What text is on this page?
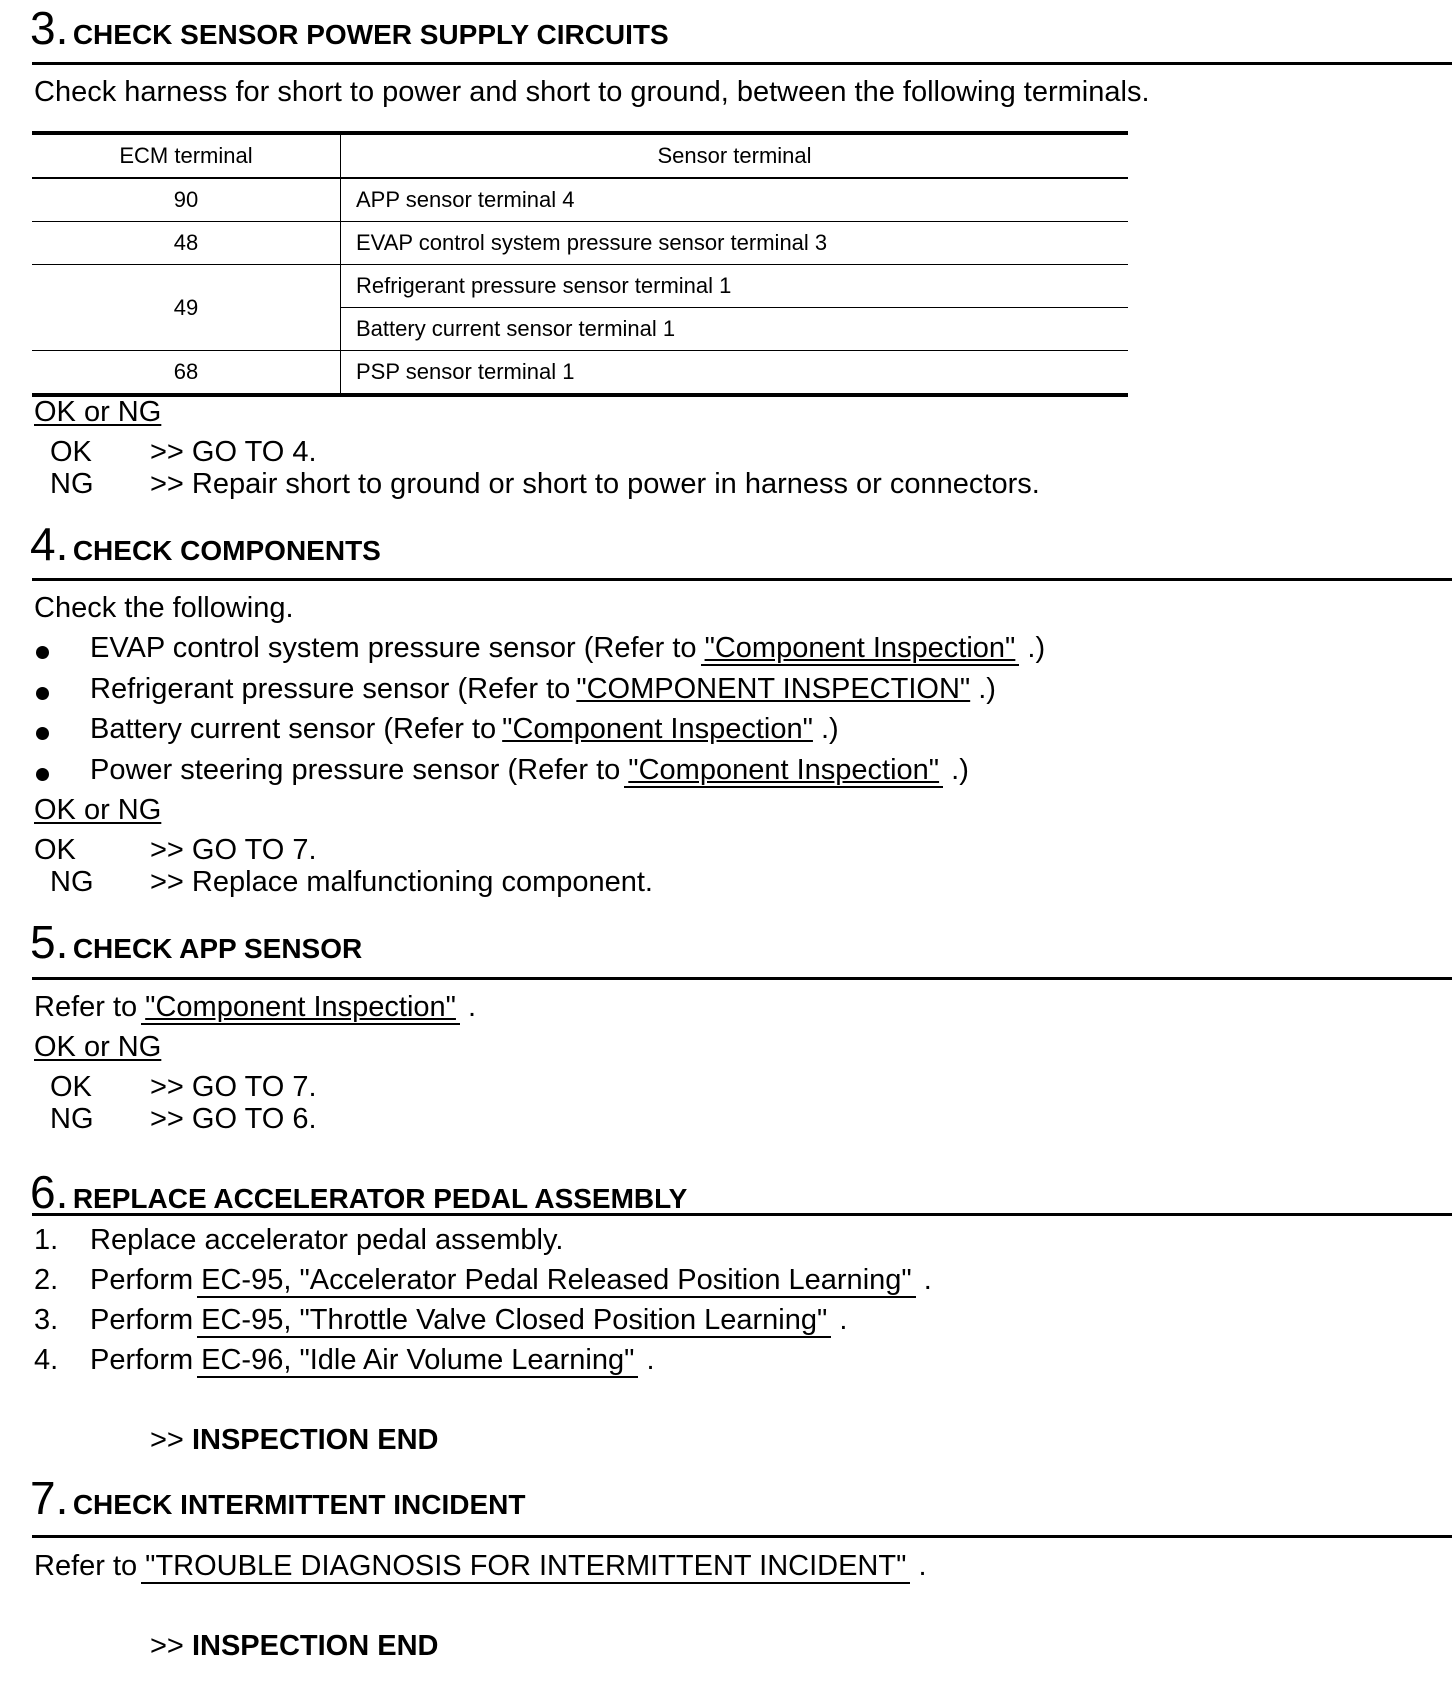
3. CHECK SENSOR POWER SUPPLY CIRCUITS
Check harness for short to power and short to ground, between the following terminals.
ECM terminal	Sensor terminal
90	APP sensor terminal 4
48	EVAP control system pressure sensor terminal 3
49	Refrigerant pressure sensor terminal 1
	Battery current sensor terminal 1
68	PSP sensor terminal 1
OK or NG
OK >> GO TO 4.
NG >> Repair short to ground or short to power in harness or connectors.
4. CHECK COMPONENTS
Check the following.
EVAP control system pressure sensor (Refer to "Component Inspection" .)
Refrigerant pressure sensor (Refer to "COMPONENT INSPECTION" .)
Battery current sensor (Refer to "Component Inspection" .)
Power steering pressure sensor (Refer to "Component Inspection" .)
OK or NG
OK	>> GO TO 7.
NG >> Replace malfunctioning component.
5. CHECK APP SENSOR
Refer to "Component Inspection" .
OK or NG
OK >> GO TO 7.
NG >> GO TO 6.
6. REPLACE ACCELERATOR PEDAL ASSEMBLY
1. Replace accelerator pedal assembly.
2. Perform EC-95, "Accelerator Pedal Released Position Learning" .
3. Perform EC-95, "Throttle Valve Closed Position Learning" .
4. Perform EC-96, "Idle Air Volume Learning" .
>> INSPECTION END
7. CHECK INTERMITTENT INCIDENT
Refer to "TROUBLE DIAGNOSIS FOR INTERMITTENT INCIDENT" .
>> INSPECTION END
